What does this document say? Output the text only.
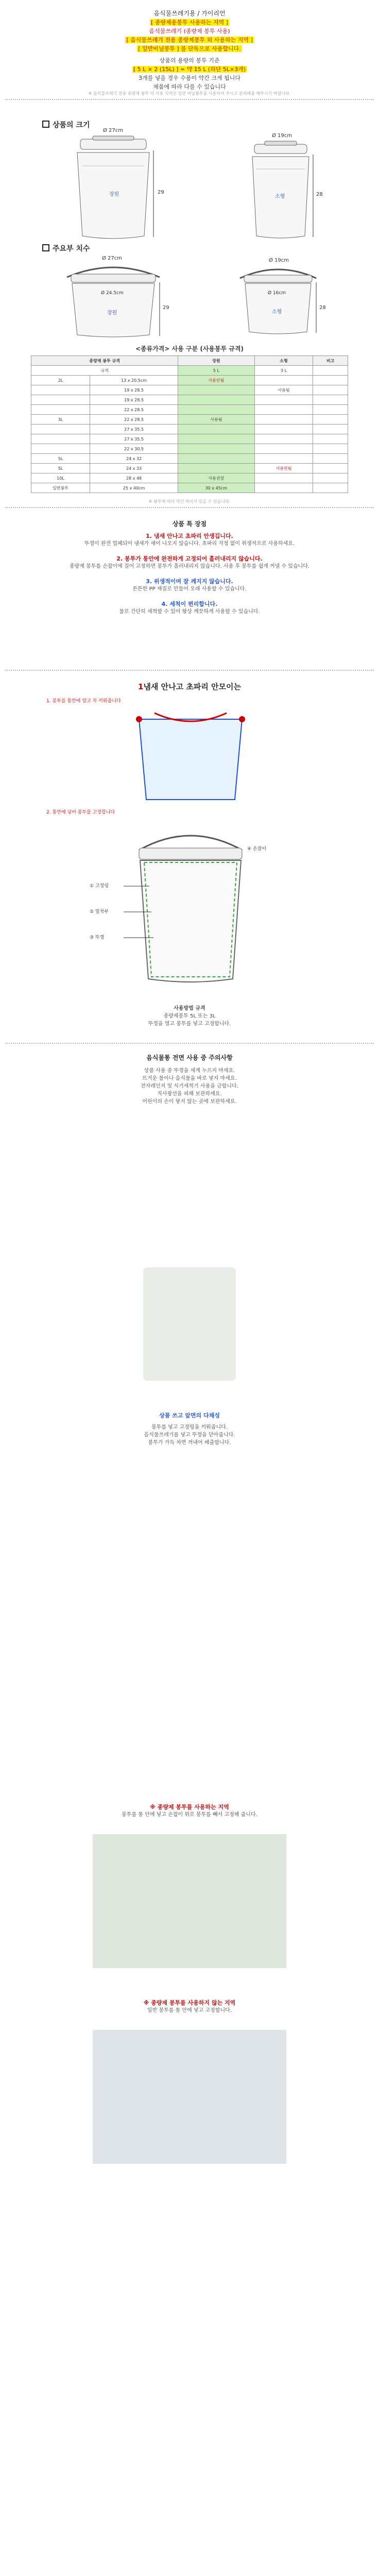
음식물쓰레기용 / 가이리언
[ 종량제용봉투 사용하는 지역 ]
음식물쓰레기 (종량제 봉투 사용)
[ 음식물쓰레기 전용 종량제봉투 외 사용하는 지역 ]
[ 일반비닐봉투 ] 를 단독으로 사용합니다.
상품의 용량의 봉투 기준
[ 5 L × 2 (15L) ] = 약 15 L (하단 5L×3개)
3개를 넣을 경우 수용이 약간 크게 됩니다
제품에 따라 다를 수 있습니다
※ 음식물쓰레기 전용 종량제 봉투 미 사용 지역은 일반 비닐봉투를 사용하여 주시고 분리배출 해주시기 바랍니다.
상품의 크기
Ø 27cm
29
장원
Ø 19cm
28
소형
주요부 치수
Ø 27cm
Ø 24.5cm
29
장원
Ø 19cm
Ø 16cm
28
소형
<종류가격> 사용 구분 (사용봉투 규격)
종량제 봉투 규격		장원	소형	비고
규격		5 L	3 L	
2L	13 x 20.5cm	사용안됨		
	19 x 28.5		사용됨	
	19 x 28.5			
	22 x 28.5			
3L	22 x 28.5	사용됨		
	27 x 35.5			
	27 x 35.5			
	22 x 30.5			
5L	24 x 32			
5L	24 x 33		사용안됨	
10L	28 x 48	사용권장		
일반봉투	25 x 40cm	30 x 45cm		
※ 봉투에 따라 약간 차이가 있을 수 있습니다.
상품 특 장점
1. 냄새 안나고 초파리 안생깁니다.
뚜껑이 완전 밀폐되어 냄새가 새어 나오지 않습니다. 초파리 걱정 없이 위생적으로 사용하세요.
2. 봉투가 통안에 완전하게 고정되어 흘러내리지 않습니다.
종량제 봉투를 손잡이에 걸어 고정하면 봉투가 흘러내리지 않습니다. 사용 후 봉투를 쉽게 꺼낼 수 있습니다.
3. 위생적이며 잘 깨지지 않습니다.
튼튼한 PP 재질로 만들어 오래 사용할 수 있습니다.
4. 세척이 편리합니다.
물로 간단히 세척할 수 있어 항상 깨끗하게 사용할 수 있습니다.
1냄새 안나고 초파리 안모이는
1. 봉투를 통안에 밀고 꼭 끼워줍니다
2. 통안에 넣어 봉투를 고정합니다
① 고정링
② 밀착부
③ 뚜껑
④ 손잡이
사용방법 규격
종량제봉투 5L 또는 3L
뚜껑을 열고 봉투를 넣고 고정합니다.
음식물통 전면 사용 중 주의사항
상품 사용 중 뚜껑을 세게 누르지 마세요.
뜨거운 물이나 음식물을 바로 넣지 마세요.
전자레인지 및 식기세척기 사용을 금합니다.
직사광선을 피해 보관하세요.
어린이의 손이 닿지 않는 곳에 보관하세요.
상품 쓰고 앞면의 다채성
봉투를 넣고 고정링을 끼워줍니다.
음식물쓰레기를 넣고 뚜껑을 닫아줍니다.
봉투가 가득 차면 꺼내어 배출합니다.
※ 종량제 봉투를 사용하는 지역
봉투를 통 안에 넣고 손잡이 위로 봉투를 빼서 고정해 줍니다.
※ 종량제 봉투를 사용하지 않는 지역
일반 봉투를 통 안에 넣고 고정합니다.
